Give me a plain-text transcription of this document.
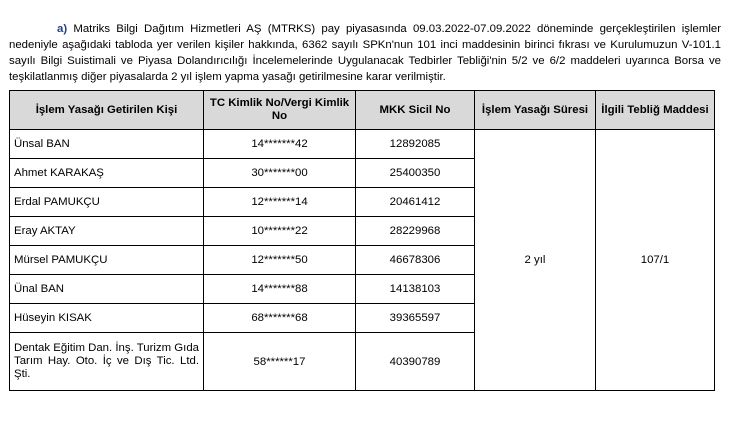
a) Matriks Bilgi Dağıtım Hizmetleri AŞ (MTRKS) pay piyasasında 09.03.2022-07.09.2022 döneminde gerçekleştirilen işlemler nedeniyle aşağıdaki tabloda yer verilen kişiler hakkında, 6362 sayılı SPKn'nun 101 inci maddesinin birinci fıkrası ve Kurulumuzun V-101.1 sayılı Bilgi Suistimali ve Piyasa Dolandırıcılığı İncelemelerinde Uygulanacak Tedbirler Tebliği'nin 5/2 ve 6/2 maddeleri uyarınca Borsa ve teşkilatlanmış diğer piyasalarda 2 yıl işlem yapma yasağı getirilmesine karar verilmiştir.

İşlem Yasağı Getirilen Kişi	TC Kimlik No/Vergi Kimlik No	MKK Sicil No	İşlem Yasağı Süresi	İlgili Tebliğ Maddesi
Ünsal BAN	14*******42	12892085	2 yıl	107/1
Ahmet KARAKAŞ	30*******00	25400350		
Erdal PAMUKÇU	12*******14	20461412		
Eray AKTAY	10*******22	28229968		
Mürsel PAMUKÇU	12*******50	46678306		
Ünal BAN	14*******88	14138103		
Hüseyin KISAK	68*******68	39365597		
Dentak Eğitim Dan. İnş. Turizm Gıda Tarım Hay. Oto. İç ve Dış Tic. Ltd. Şti.	58******17	40390789		
